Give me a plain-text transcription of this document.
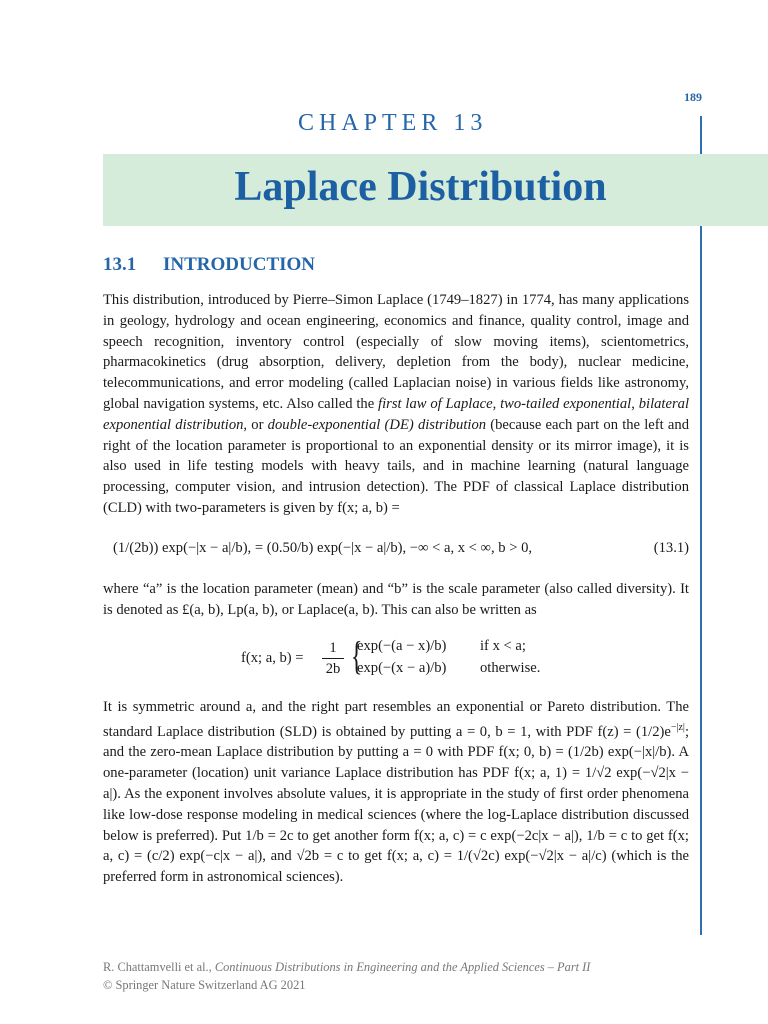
189
CHAPTER 13
Laplace Distribution
13.1 INTRODUCTION

This distribution, introduced by Pierre–Simon Laplace (1749–1827) in 1774, has many applications in geology, hydrology and ocean engineering, economics and finance, quality control, image and speech recognition, inventory control (especially of slow moving items), scientometrics, pharmacokinetics (drug absorption, delivery, depletion from the body), nuclear medicine, telecommunications, and error modeling (called Laplacian noise) in various fields like astronomy, global navigation systems, etc. Also called the first law of Laplace, two-tailed exponential, bilateral exponential distribution, or double-exponential (DE) distribution (because each part on the left and right of the location parameter is proportional to an exponential density or its mirror image), it is also used in life testing models with heavy tails, and in machine learning (natural language processing, computer vision, and intrusion detection). The PDF of classical Laplace distribution (CLD) with two-parameters is given by f(x; a, b) =

(1/(2b)) exp(−|x − a|/b), = (0.50/b) exp(−|x − a|/b), −∞ < a, x < ∞, b > 0,	(13.1)

where “a” is the location parameter (mean) and “b” is the scale parameter (also called diversity). It is denoted as £(a, b), Lp(a, b), or Laplace(a, b). This can also be written as

f(x; a, $b) = \frac{1}{2b}$ {
exp(−(a − x)/b) if x < a;
exp(−(x − a)/b) otherwise.

It is symmetric around a, and the right part resembles an exponential or Pareto distribution. The standard Laplace distribution (SLD) is obtained by putting a = 0, b = 1, with PDF $f(z) = (1/2)e^{-|z|}$; and the zero-mean Laplace distribution by putting a = 0 with PDF f(x; 0, b) = (1/2b) exp(−|x|/b). A one-parameter (location) unit variance Laplace distribution has PDF f(x; a, 1) = 1/√2 exp(−√2|x − a|). As the exponent involves absolute values, it is appropriate in the study of first order phenomena like low-dose response modeling in medical sciences (where the log-Laplace distribution discussed below is preferred). Put 1/b = 2c to get another form f(x; a, c) = c exp(−2c|x − a|), 1/b = c to get f(x; a, c) = (c/2) exp(−c|x − a|), and √2b = c to get f(x; a, c) = 1/(√2c) exp(−√2|x − a|/c) (which is the preferred form in astronomical sciences).

R. Chattamvelli et al., Continuous Distributions in Engineering and the Applied Sciences – Part II
© Springer Nature Switzerland AG 2021
